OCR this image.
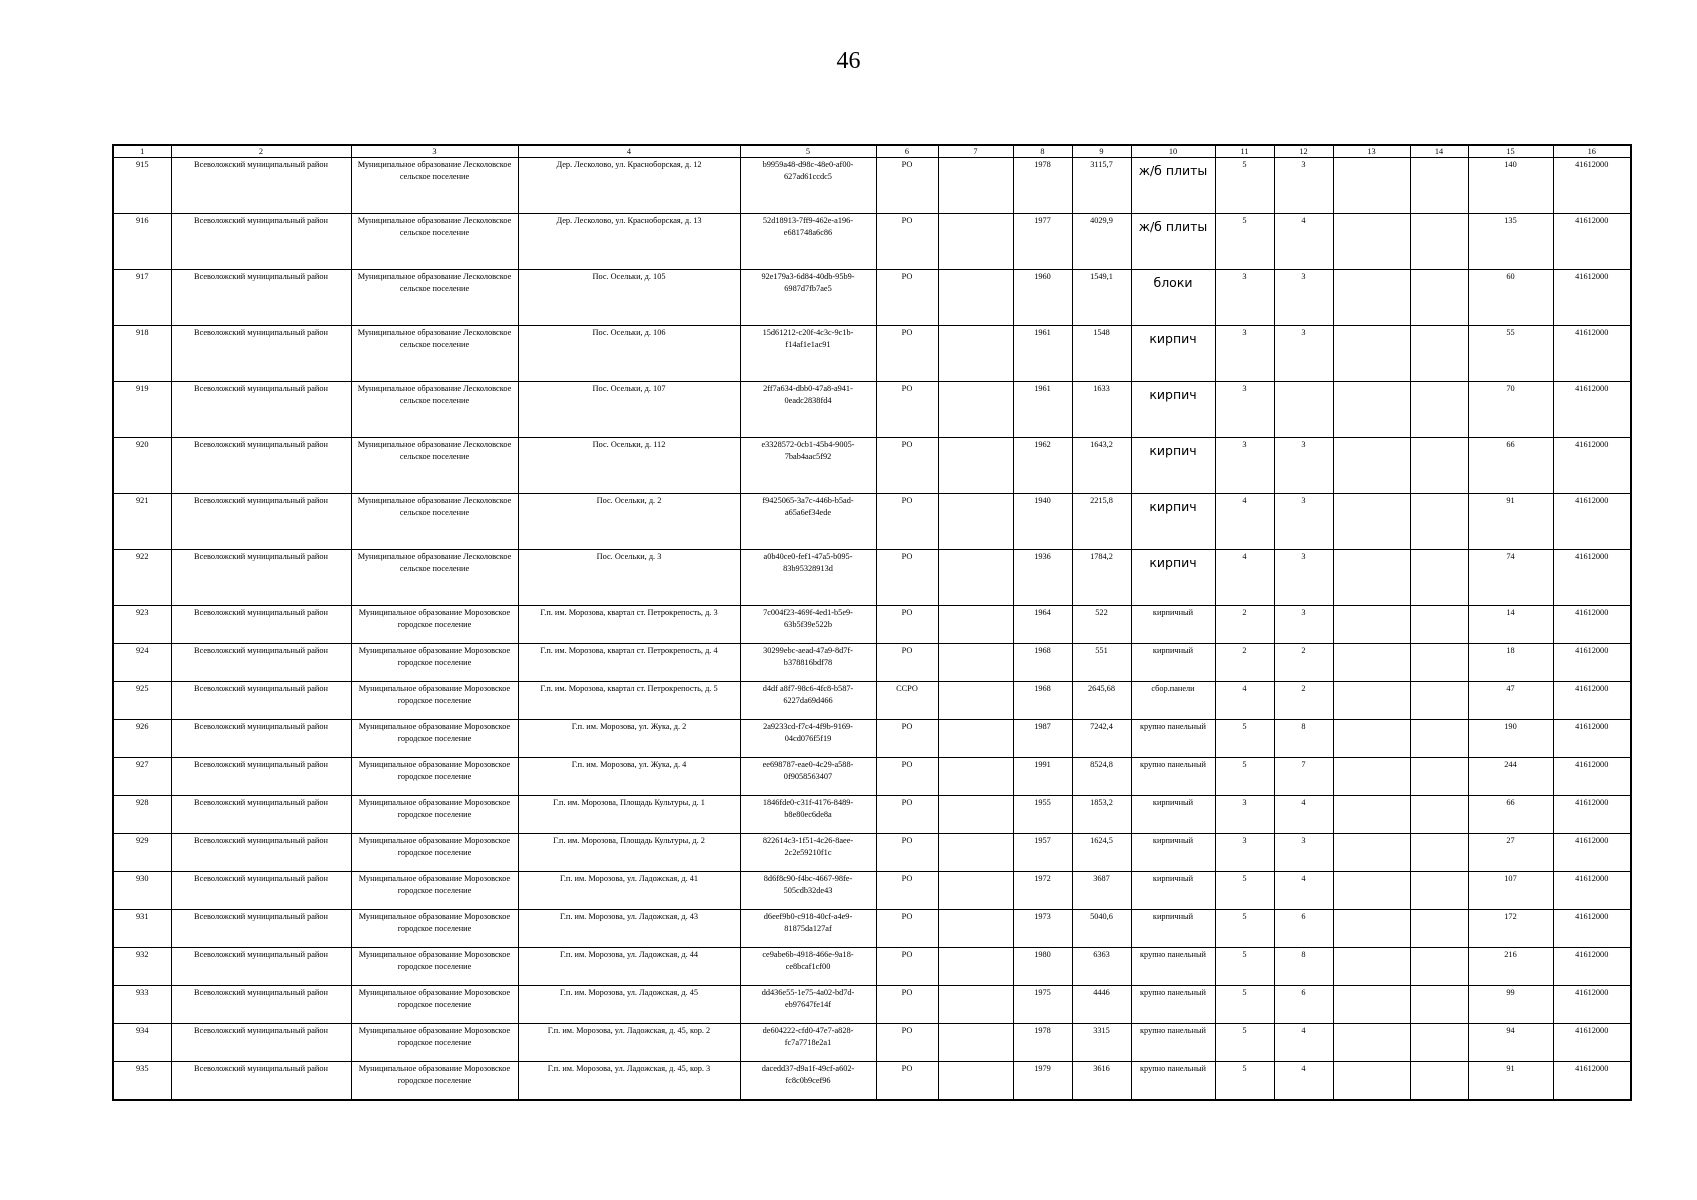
46
1	2	3	4	5	6	7	8	9	10	11	12	13	14	15	16
915	Всеволожский муниципальный район	Муниципальное образование Лесколовское сельское поселение	Дер. Лесколово, ул. Красноборская, д. 12	b9959a48-d98c-48e0-af00-627ad61ccdc5	РО		1978	3115,7	ж/б плиты	5	3			140	41612000
916	Всеволожский муниципальный район	Муниципальное образование Лесколовское сельское поселение	Дер. Лесколово, ул. Красноборская, д. 13	52d18913-7ff9-462e-a196-e681748a6c86	РО		1977	4029,9	ж/б плиты	5	4			135	41612000
917	Всеволожский муниципальный район	Муниципальное образование Лесколовское сельское поселение	Пос. Осельки, д. 105	92e179a3-6d84-40db-95b9-6987d7fb7ae5	РО		1960	1549,1	блоки	3	3			60	41612000
918	Всеволожский муниципальный район	Муниципальное образование Лесколовское сельское поселение	Пос. Осельки, д. 106	15d61212-c20f-4c3c-9c1b-f14af1e1ac91	РО		1961	1548	кирпич	3	3			55	41612000
919	Всеволожский муниципальный район	Муниципальное образование Лесколовское сельское поселение	Пос. Осельки, д. 107	2ff7a634-dbb0-47a8-a941-0eadc2838fd4	РО		1961	1633	кирпич	3				70	41612000
920	Всеволожский муниципальный район	Муниципальное образование Лесколовское сельское поселение	Пос. Осельки, д. 112	e3328572-0cb1-45b4-9005-7bab4aac5f92	РО		1962	1643,2	кирпич	3	3			66	41612000
921	Всеволожский муниципальный район	Муниципальное образование Лесколовское сельское поселение	Пос. Осельки, д. 2	f9425065-3a7c-446b-b5ad-a65a6ef34ede	РО		1940	2215,8	кирпич	4	3			91	41612000
922	Всеволожский муниципальный район	Муниципальное образование Лесколовское сельское поселение	Пос. Осельки, д. 3	a0b40ce0-fef1-47a5-b095-83b95328913d	РО		1936	1784,2	кирпич	4	3			74	41612000
923	Всеволожский муниципальный район	Муниципальное образование Морозовское городское поселение	Г.п. им. Морозова, квартал ст. Петрокрепость, д. 3	7c004f23-469f-4ed1-b5e9-63b5f39e522b	РО		1964	522	кирпичный	2	3			14	41612000
924	Всеволожский муниципальный район	Муниципальное образование Морозовское городское поселение	Г.п. им. Морозова, квартал ст. Петрокрепость, д. 4	30299ebc-aead-47a9-8d7f-b378816bdf78	РО		1968	551	кирпичный	2	2			18	41612000
925	Всеволожский муниципальный район	Муниципальное образование Морозовское городское поселение	Г.п. им. Морозова, квартал ст. Петрокрепость, д. 5	d4df a8f7-98c6-4fc8-b587-6227da69d466	ССРО		1968	2645,68	сбор.панели	4	2			47	41612000
926	Всеволожский муниципальный район	Муниципальное образование Морозовское городское поселение	Г.п. им. Морозова, ул. Жука, д. 2	2a9233cd-f7c4-4f9b-9169-04cd076f5f19	РО		1987	7242,4	крупно панельный	5	8			190	41612000
927	Всеволожский муниципальный район	Муниципальное образование Морозовское городское поселение	Г.п. им. Морозова, ул. Жука, д. 4	ee698787-eae0-4c29-a588-0f9058563407	РО		1991	8524,8	крупно панельный	5	7			244	41612000
928	Всеволожский муниципальный район	Муниципальное образование Морозовское городское поселение	Г.п. им. Морозова, Площадь Культуры, д. 1	1846fde0-c31f-4176-8489-b8e80ec6de8a	РО		1955	1853,2	кирпичный	3	4			66	41612000
929	Всеволожский муниципальный район	Муниципальное образование Морозовское городское поселение	Г.п. им. Морозова, Площадь Культуры, д. 2	822614c3-1f51-4c26-8aee-2c2e59210f1c	РО		1957	1624,5	кирпичный	3	3			27	41612000
930	Всеволожский муниципальный район	Муниципальное образование Морозовское городское поселение	Г.п. им. Морозова, ул. Ладожская, д. 41	8d6f8c90-f4bc-4667-98fe-505cdb32de43	РО		1972	3687	кирпичный	5	4			107	41612000
931	Всеволожский муниципальный район	Муниципальное образование Морозовское городское поселение	Г.п. им. Морозова, ул. Ладожская, д. 43	d6eef9b0-c918-40cf-a4e9-81875da127af	РО		1973	5040,6	кирпичный	5	6			172	41612000
932	Всеволожский муниципальный район	Муниципальное образование Морозовское городское поселение	Г.п. им. Морозова, ул. Ладожская, д. 44	ce9abe6b-4918-466e-9a18-ce8bcaf1cf00	РО		1980	6363	крупно панельный	5	8			216	41612000
933	Всеволожский муниципальный район	Муниципальное образование Морозовское городское поселение	Г.п. им. Морозова, ул. Ладожская, д. 45	dd436e55-1e75-4a02-bd7d-eb97647fe14f	РО		1975	4446	крупно панельный	5	6			99	41612000
934	Всеволожский муниципальный район	Муниципальное образование Морозовское городское поселение	Г.п. им. Морозова, ул. Ладожская, д. 45, кор. 2	de604222-cfd0-47e7-a828-fc7a7718e2a1	РО		1978	3315	крупно панельный	5	4			94	41612000
935	Всеволожский муниципальный район	Муниципальное образование Морозовское городское поселение	Г.п. им. Морозова, ул. Ладожская, д. 45, кор. 3	dacedd37-d9a1f-49cf-a602-fc8c0b9cef96	РО		1979	3616	крупно панельный	5	4			91	41612000
